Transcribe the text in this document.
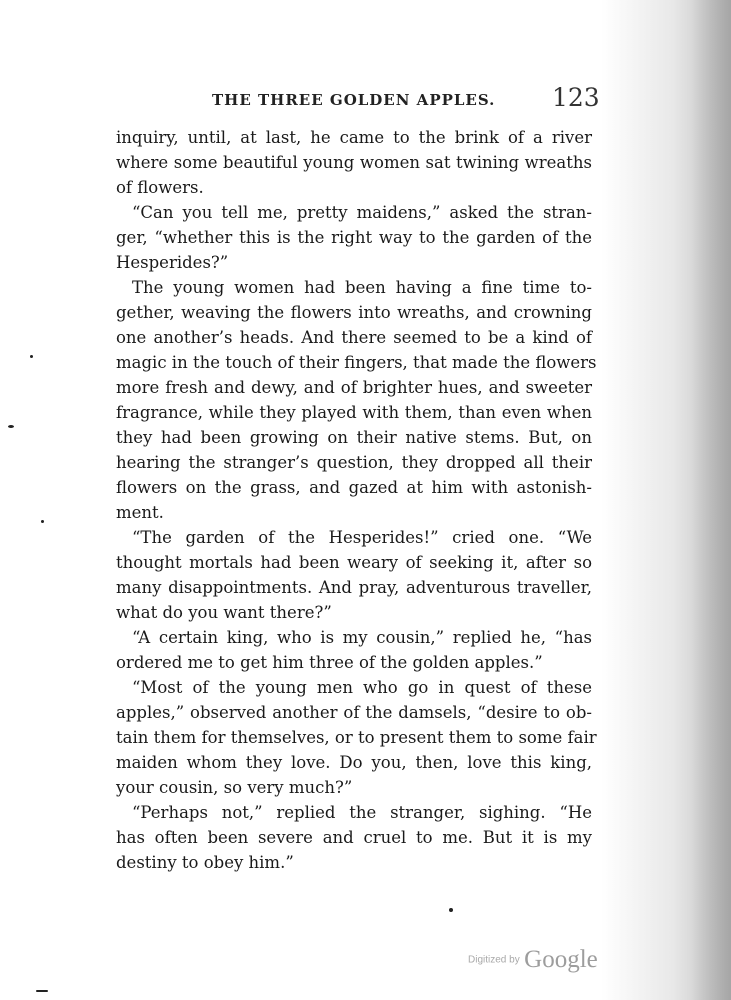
THE THREE GOLDEN APPLES. 123
inquiry, until, at last, he came to the brink of a river
where some beautiful young women sat twining wreaths
of flowers.
“Can you tell me, pretty maidens,” asked the stran-
ger, “whether this is the right way to the garden of the
Hesperides?”
The young women had been having a fine time to-
gether, weaving the flowers into wreaths, and crowning
one another’s heads. And there seemed to be a kind of
magic in the touch of their fingers, that made the flowers
more fresh and dewy, and of brighter hues, and sweeter
fragrance, while they played with them, than even when
they had been growing on their native stems. But, on
hearing the stranger’s question, they dropped all their
flowers on the grass, and gazed at him with astonish-
ment.
“The garden of the Hesperides!” cried one. “We
thought mortals had been weary of seeking it, after so
many disappointments. And pray, adventurous traveller,
what do you want there?”
“A certain king, who is my cousin,” replied he, “has
ordered me to get him three of the golden apples.”
“Most of the young men who go in quest of these
apples,” observed another of the damsels, “desire to ob-
tain them for themselves, or to present them to some fair
maiden whom they love. Do you, then, love this king,
your cousin, so very much?”
“Perhaps not,” replied the stranger, sighing. “He
has often been severe and cruel to me. But it is my
destiny to obey him.”
Digitized by Google
